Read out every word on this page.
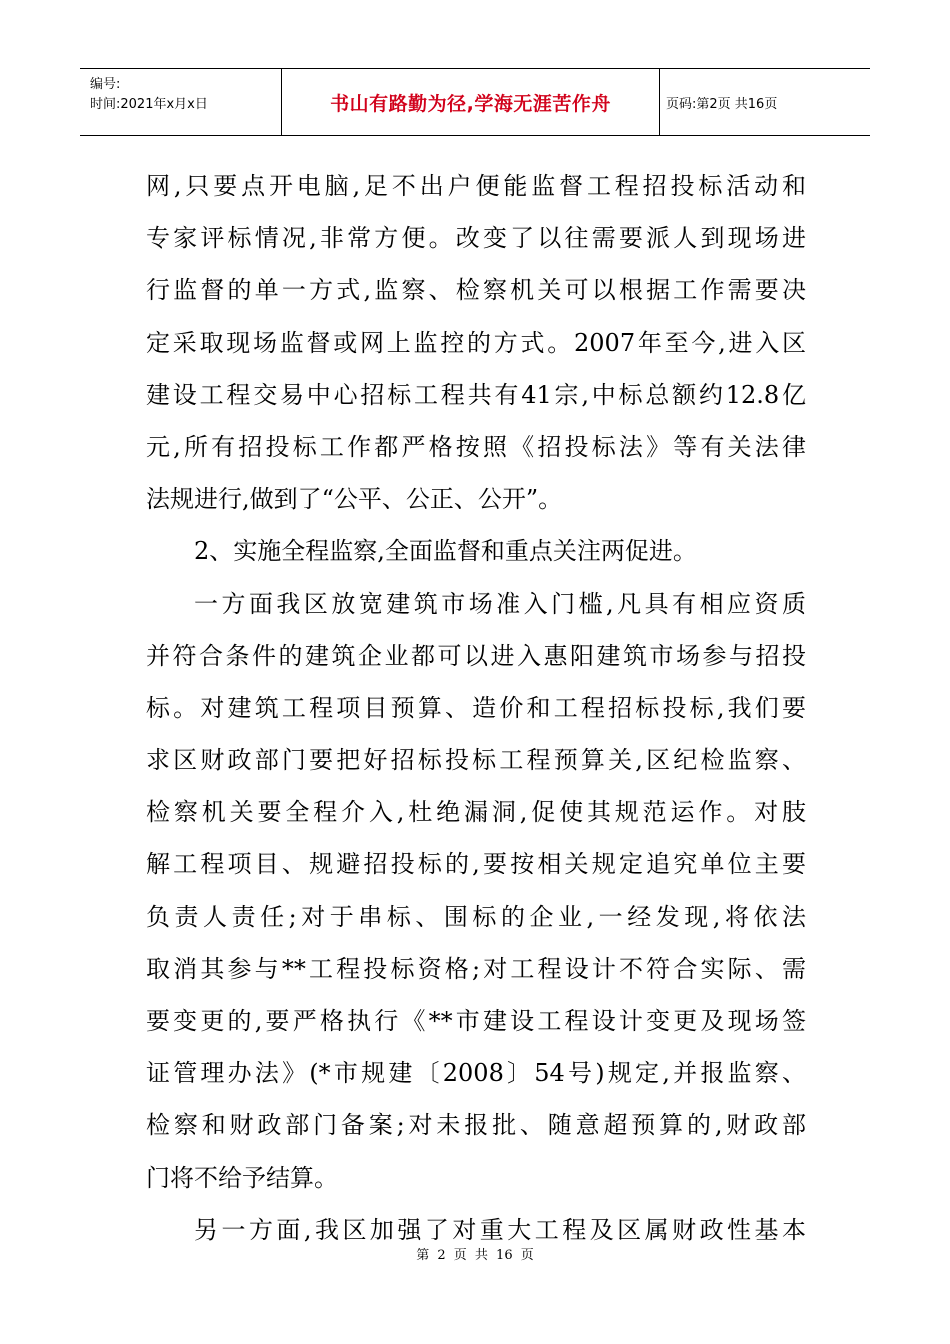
编号:
时间:2021年x月x日	书山有路勤为径,学海无涯苦作舟	页码:第2页 共16页
网,只要点开电脑,足不出户便能监督工程招投标活动和
专家评标情况,非常方便。改变了以往需要派人到现场进
行监督的单一方式,监察、检察机关可以根据工作需要决
定采取现场监督或网上监控的方式。2007年至今,进入区
建设工程交易中心招标工程共有41宗,中标总额约12.8亿
元,所有招投标工作都严格按照《招投标法》等有关法律
法规进行,做到了“公平、公正、公开”。
2、实施全程监察,全面监督和重点关注两促进。
一方面我区放宽建筑市场准入门槛,凡具有相应资质
并符合条件的建筑企业都可以进入惠阳建筑市场参与招投
标。对建筑工程项目预算、造价和工程招标投标,我们要
求区财政部门要把好招标投标工程预算关,区纪检监察、
检察机关要全程介入,杜绝漏洞,促使其规范运作。对肢
解工程项目、规避招投标的,要按相关规定追究单位主要
负责人责任;对于串标、围标的企业,一经发现,将依法
取消其参与**工程投标资格;对工程设计不符合实际、需
要变更的,要严格执行《**市建设工程设计变更及现场签
证管理办法》(*市规建〔2008〕54号)规定,并报监察、
检察和财政部门备案;对未报批、随意超预算的,财政部
门将不给予结算。
另一方面,我区加强了对重大工程及区属财政性基本
第 2 页 共 16 页
